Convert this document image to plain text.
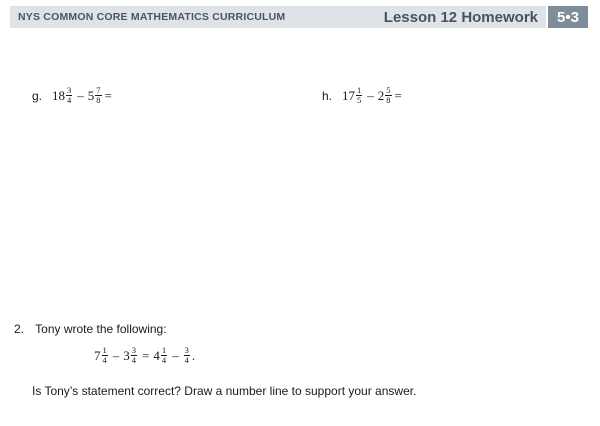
NYS COMMON CORE MATHEMATICS CURRICULUM	Lesson 12 Homework	5•3
g. $18 \frac{3}{4} - 5 \frac{7}{8}$ =	h. $17 \frac{1}{5} - 2 \frac{5}{8}$ =
2. Tony wrote the following:
$7 \frac{1}{4} - 3 \frac{3}{4} = 4 \frac{1}{4} - \frac{3}{4}$ .
Is Tony’s statement correct? Draw a number line to support your answer.
